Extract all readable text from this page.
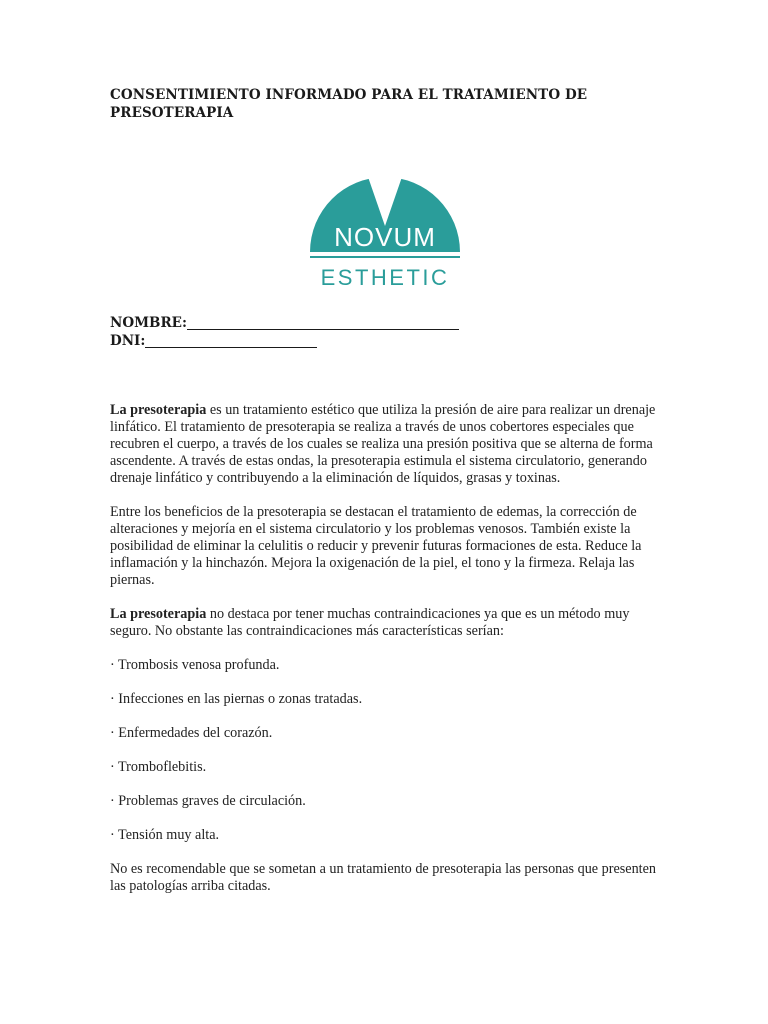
CONSENTIMIENTO INFORMADO PARA EL TRATAMIENTO DE PRESOTERAPIA
NOVUM
ESTHETIC
NOMBRE:
DNI:

La presoterapia es un tratamiento estético que utiliza la presión de aire para realizar un drenaje linfático. El tratamiento de presoterapia se realiza a través de unos cobertores especiales que recubren el cuerpo, a través de los cuales se realiza una presión positiva que se alterna de forma ascendente. A través de estas ondas, la presoterapia estimula el sistema circulatorio, generando drenaje linfático y contribuyendo a la eliminación de líquidos, grasas y toxinas.

Entre los beneficios de la presoterapia se destacan el tratamiento de edemas, la corrección de alteraciones y mejoría en el sistema circulatorio y los problemas venosos. También existe la posibilidad de eliminar la celulitis o reducir y prevenir futuras formaciones de esta. Reduce la inflamación y la hinchazón. Mejora la oxigenación de la piel, el tono y la firmeza. Relaja las piernas.

La presoterapia no destaca por tener muchas contraindicaciones ya que es un método muy seguro. No obstante las contraindicaciones más características serían:

· Trombosis venosa profunda.

· Infecciones en las piernas o zonas tratadas.

· Enfermedades del corazón.

· Tromboflebitis.

· Problemas graves de circulación.

· Tensión muy alta.

No es recomendable que se sometan a un tratamiento de presoterapia las personas que presenten las patologías arriba citadas.
